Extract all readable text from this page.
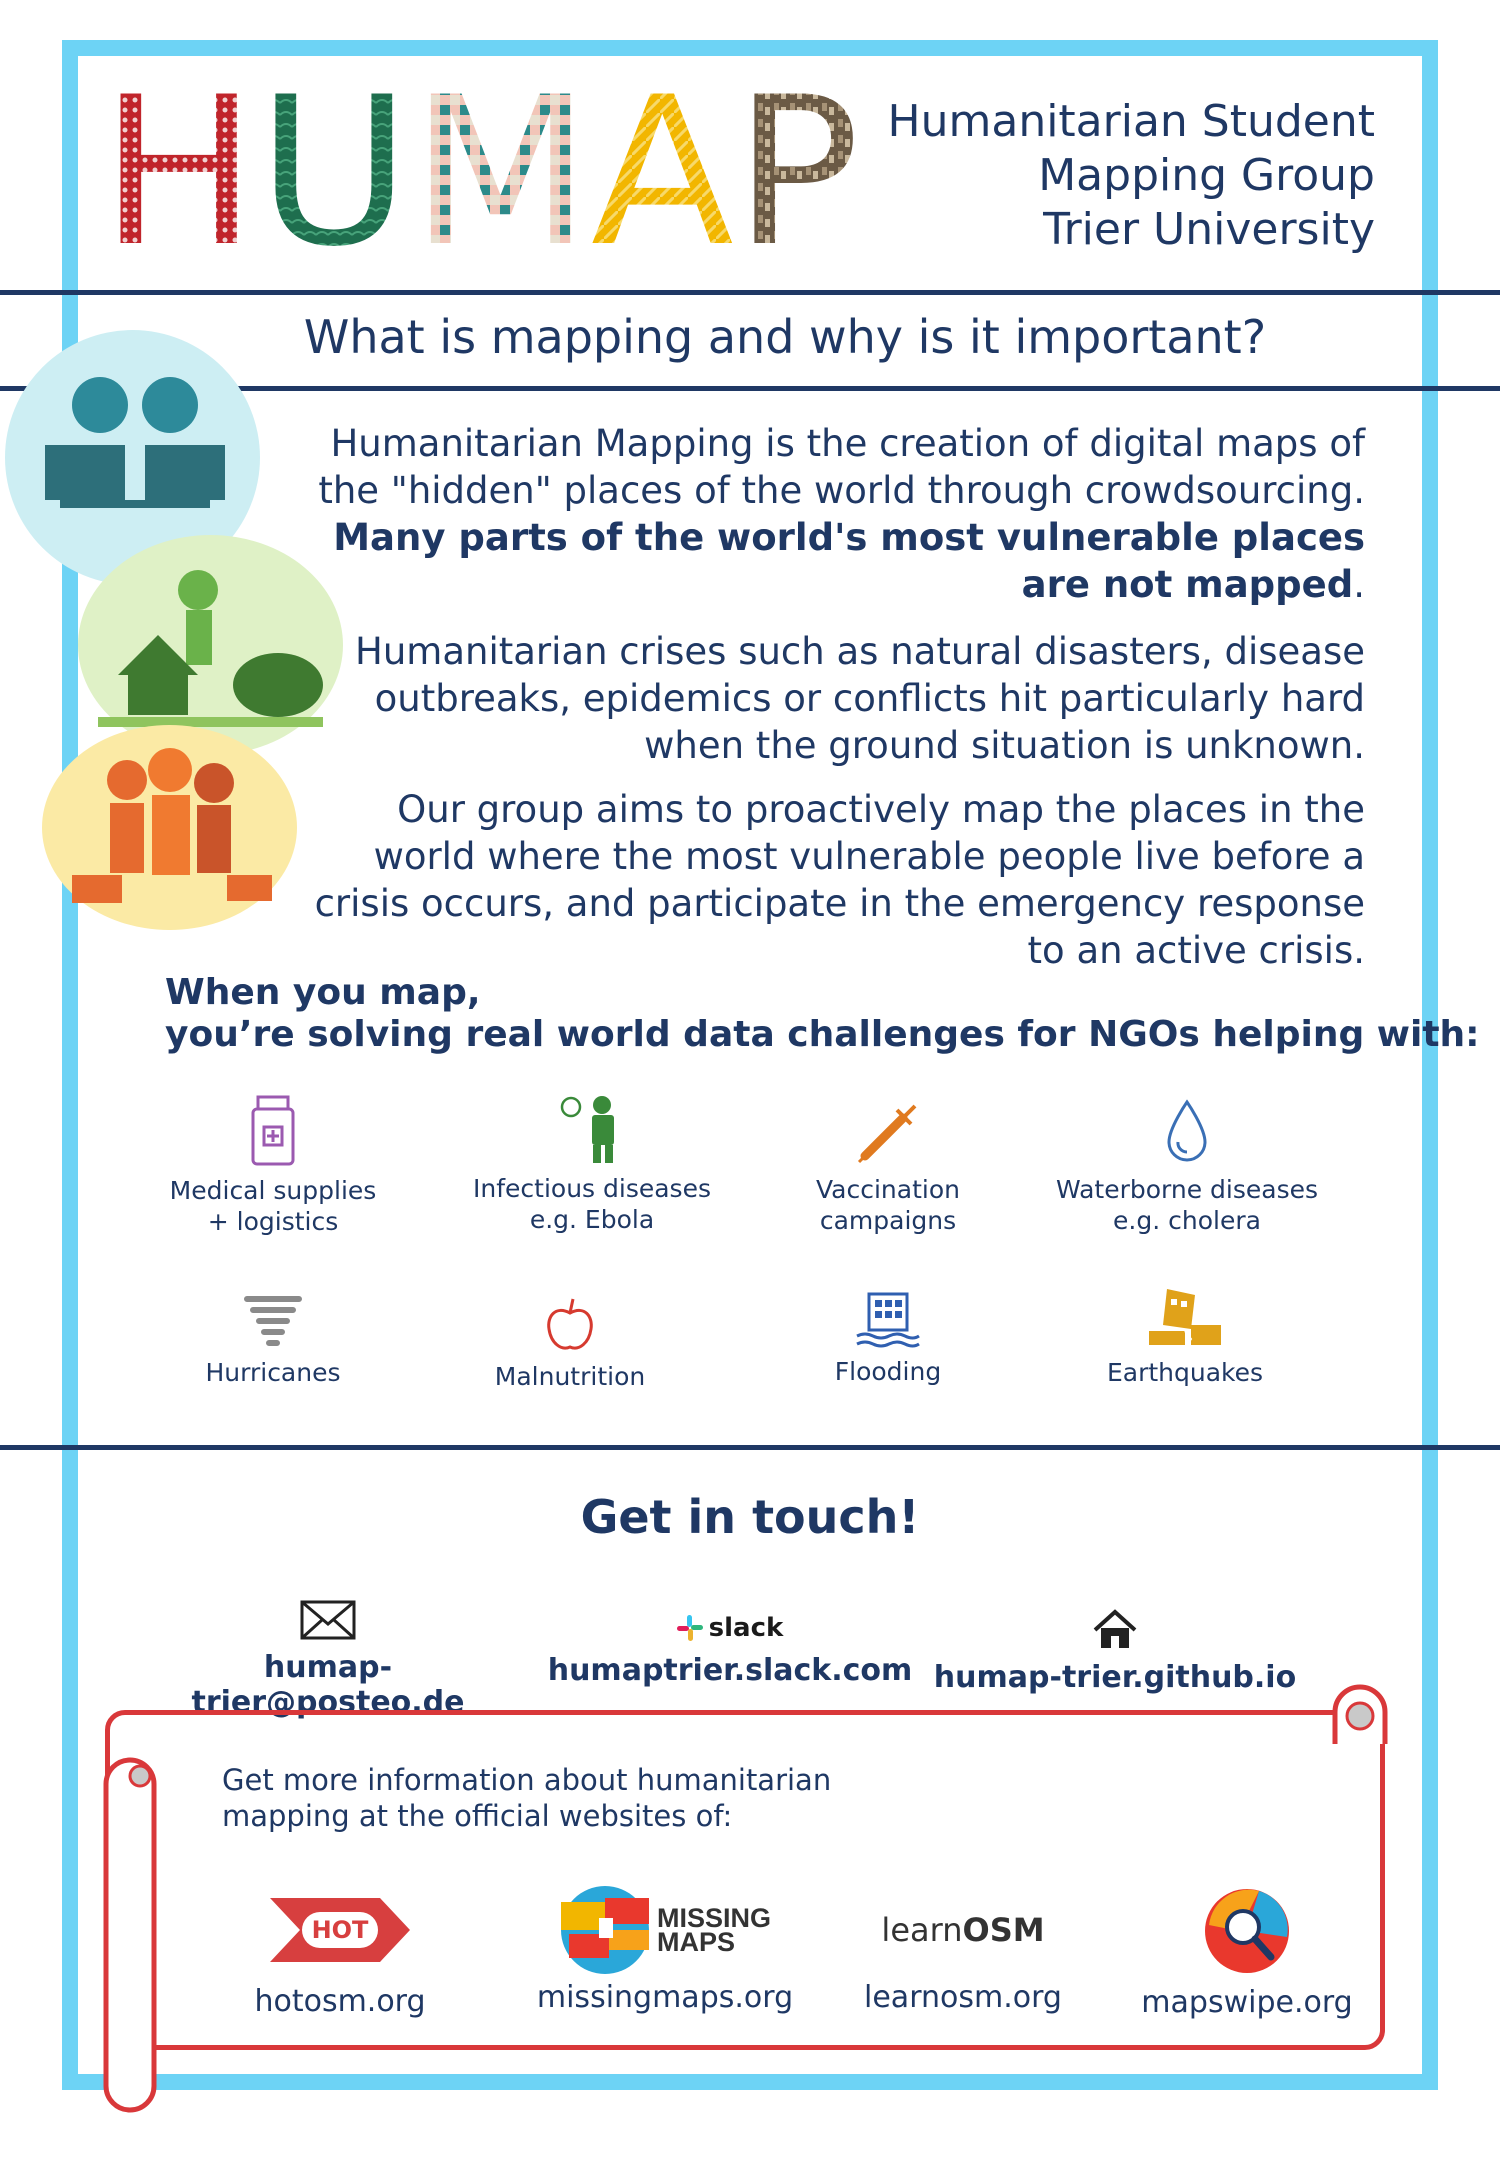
HUMAP Humanitarian Student
Mapping Group
Trier University
What is mapping and why is it important?
Humanitarian Mapping is the creation of digital maps of
the "hidden" places of the world through crowdsourcing.
Many parts of the world's most vulnerable places
are not mapped.
Humanitarian crises such as natural disasters, disease
outbreaks, epidemics or conflicts hit particularly hard
when the ground situation is unknown.
Our group aims to proactively map the places in the
world where the most vulnerable people live before a
crisis occurs, and participate in the emergency response
to an active crisis.
When you map,
you’re solving real world data challenges for NGOs helping with:
Medical supplies
+ logistics
Infectious diseases
e.g. Ebola
Vaccination
campaigns
Waterborne diseases
e.g. cholera
Hurricanes	Malnutrition	Flooding	Earthquakes
Get in touch!
humap-trier@posteo.de
slack
humaptrier.slack.com humap-trier.github.io
Get more information about humanitarian
mapping at the official websites of:
HOT
hotosm.org
MISSING
MAPS
missingmaps.org
learn OSM
learnosm.org	mapswipe.org
